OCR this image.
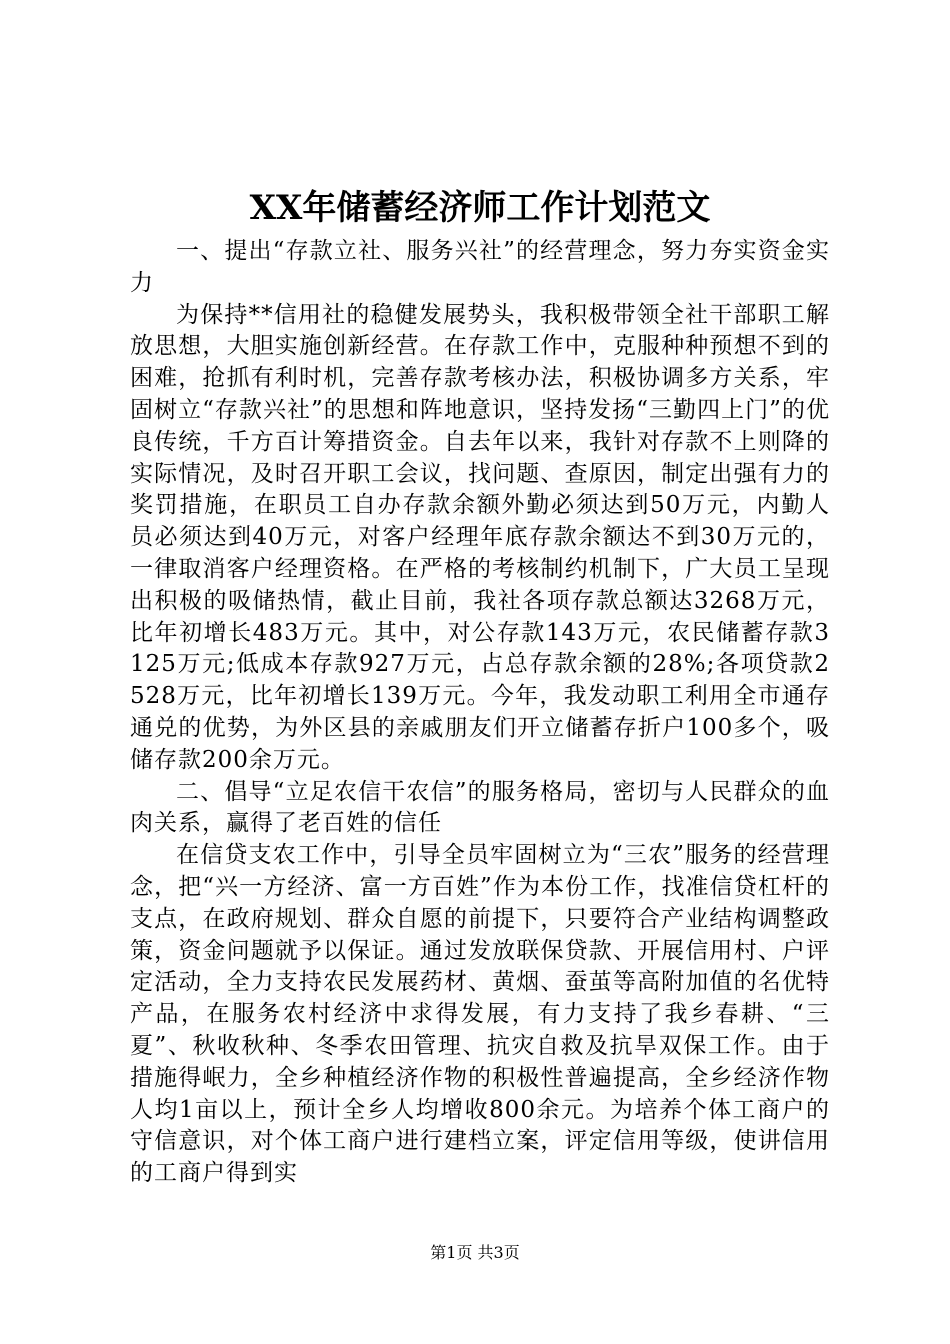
XX年储蓄经济师工作计划范文

一、提出“存款立社、服务兴社”的经营理念，努力夯实资金实力

为保持**信用社的稳健发展势头，我积极带领全社干部职工解放思想，大胆实施创新经营。在存款工作中，克服种种预想不到的困难，抢抓有利时机，完善存款考核办法，积极协调多方关系，牢固树立“存款兴社”的思想和阵地意识，坚持发扬“三勤四上门”的优良传统，千方百计筹措资金。自去年以来，我针对存款不上则降的实际情况，及时召开职工会议，找问题、查原因，制定出强有力的奖罚措施，在职员工自办存款余额外勤必须达到50万元，内勤人员必须达到40万元，对客户经理年底存款余额达不到30万元的，一律取消客户经理资格。在严格的考核制约机制下，广大员工呈现出积极的吸储热情，截止目前，我社各项存款总额达3268万元，比年初增长483万元。其中，对公存款143万元，农民储蓄存款3125万元;低成本存款927万元，占总存款余额的28%;各项贷款2528万元，比年初增长139万元。今年，我发动职工利用全市通存通兑的优势，为外区县的亲戚朋友们开立储蓄存折户100多个，吸储存款200余万元。

二、倡导“立足农信干农信”的服务格局，密切与人民群众的血肉关系，赢得了老百姓的信任

在信贷支农工作中，引导全员牢固树立为“三农”服务的经营理念，把“兴一方经济、富一方百姓”作为本份工作，找准信贷杠杆的支点，在政府规划、群众自愿的前提下，只要符合产业结构调整政策，资金问题就予以保证。通过发放联保贷款、开展信用村、户评定活动，全力支持农民发展药材、黄烟、蚕茧等高附加值的名优特产品，在服务农村经济中求得发展，有力支持了我乡春耕、“三夏”、秋收秋种、冬季农田管理、抗灾自救及抗旱双保工作。由于措施得岷力，全乡种植经济作物的积极性普遍提高，全乡经济作物人均1亩以上，预计全乡人均增收800余元。为培养个体工商户的守信意识，对个体工商户进行建档立案，评定信用等级，使讲信用的工商户得到实

第1页 共3页
